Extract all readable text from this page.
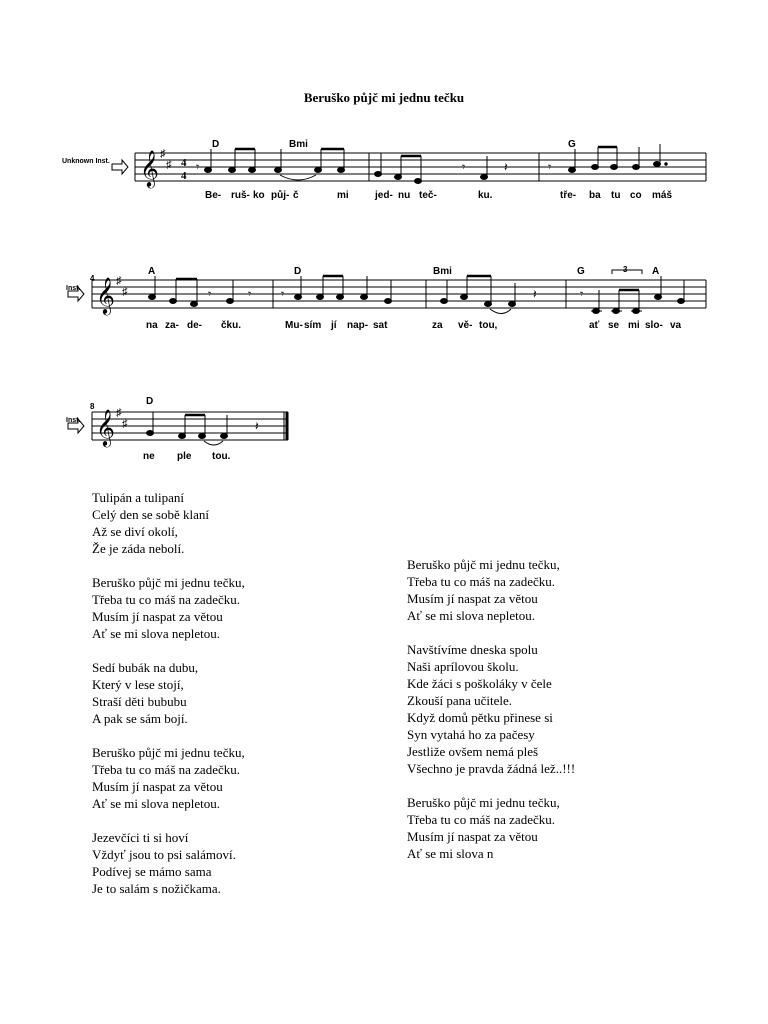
Beruško půjč mi jednu tečku
𝄞 ♯
♯ 4
4
𝄾	𝄾	𝄽	𝄾
Unknown Inst.
D	Bmi	G
Be- ruš- ko půj- č	mi	jed- nu teč-	ku.	tře- ba tu co máš
𝄞 ♯
♯	𝄾	𝄾 𝄾	𝄽	𝄾
4
Inst.
3
A	D	Bmi	G	A
na za- de- čku.	Mu- sím jí nap- sat	za vě- tou,	ať se mi slo- va
𝄞 ♯
♯	𝄽
8
Inst.
D
ne ple tou.
Tulipán a tulipaní
Celý den se sobě klaní
Až se diví okolí,
Že je záda nebolí.
Beruško půjč mi jednu tečku,
Třeba tu co máš na zadečku.
Musím jí naspat za větou
Ať se mi slova nepletou.
Sedí bubák na dubu,
Který v lese stojí,
Straší děti bububu
A pak se sám bojí.
Beruško půjč mi jednu tečku,
Třeba tu co máš na zadečku.
Musím jí naspat za větou
Ať se mi slova nepletou.
Jezevčíci ti si hoví
Vždyť jsou to psi salámoví.
Podívej se mámo sama
Je to salám s nožičkama.
Beruško půjč mi jednu tečku,
Třeba tu co máš na zadečku.
Musím jí naspat za větou
Ať se mi slova nepletou.
Navštívíme dneska spolu
Naši aprílovou školu.
Kde žáci s poškoláky v čele
Zkouší pana učitele.
Když domů pětku přinese si
Syn vytahá ho za pačesy
Jestliže ovšem nemá pleš
Všechno je pravda žádná lež..!!!
Beruško půjč mi jednu tečku,
Třeba tu co máš na zadečku.
Musím jí naspat za větou
Ať se mi slova n
